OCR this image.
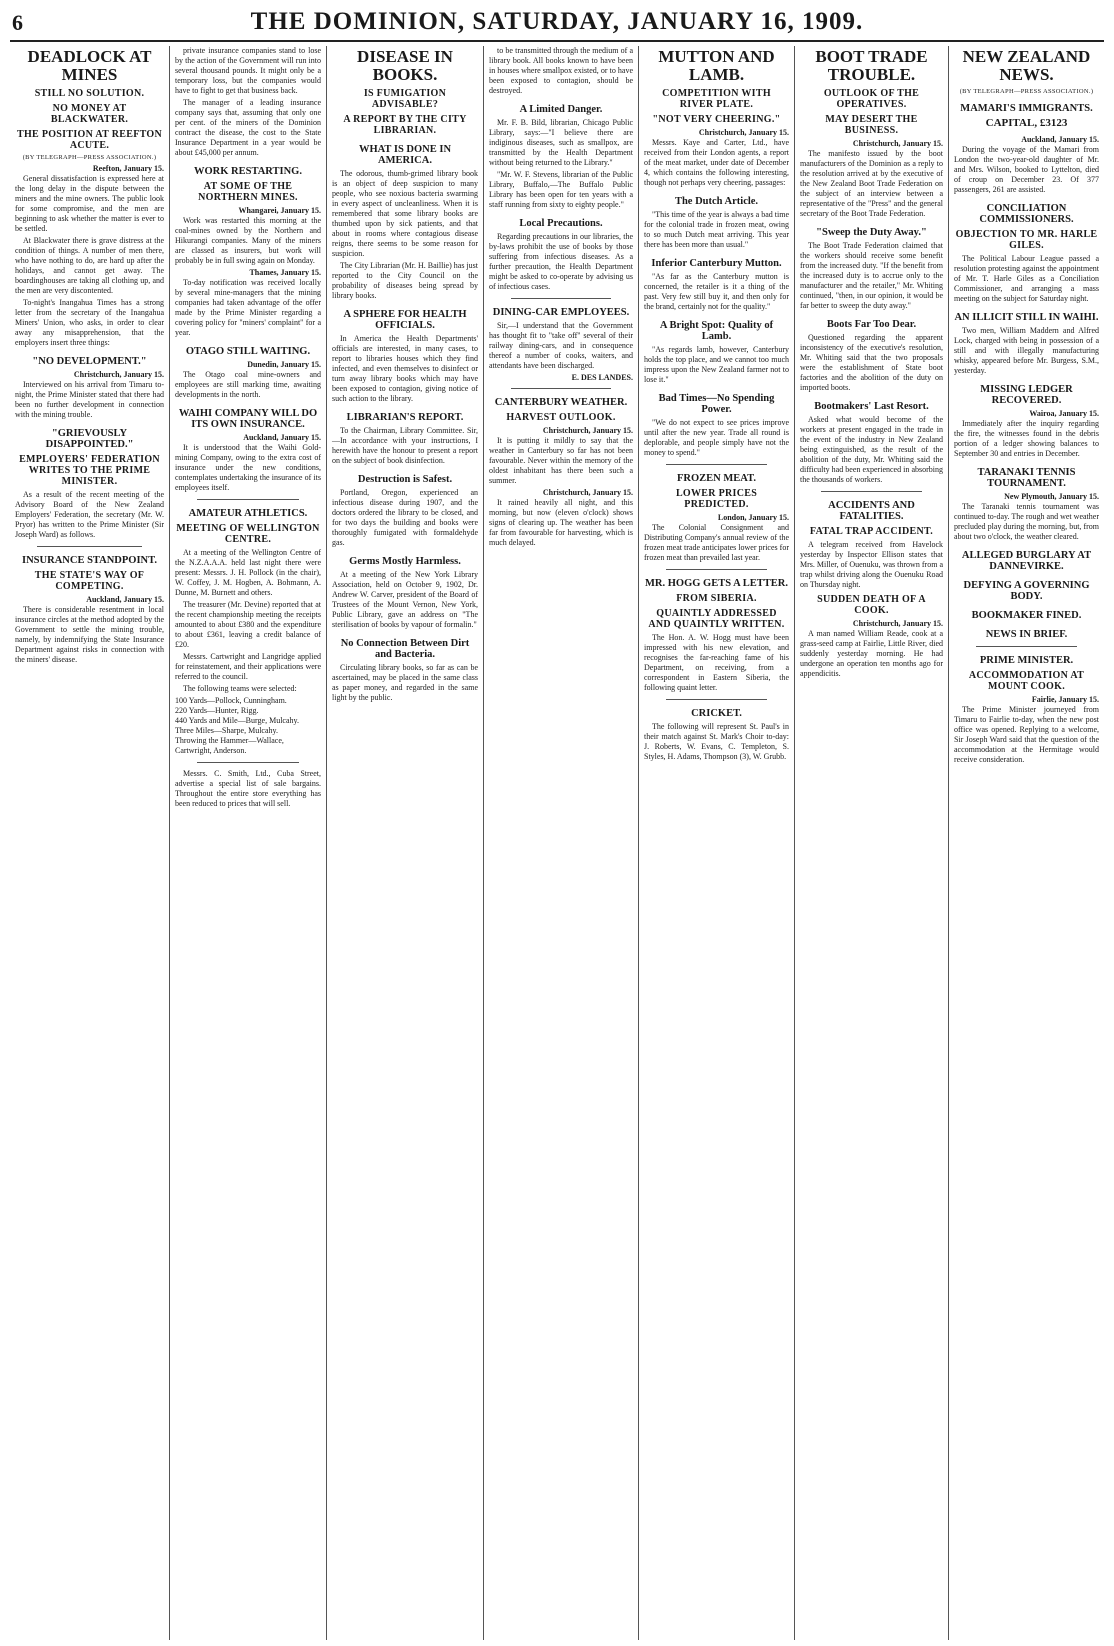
6	THE DOMINION, SATURDAY, JANUARY 16, 1909.
DEADLOCK AT MINES
STILL NO SOLUTION.
NO MONEY AT BLACKWATER.
THE POSITION AT REEFTON ACUTE.
(BY TELEGRAPH—PRESS ASSOCIATION.)
Reefton, January 15.

General dissatisfaction is expressed here at the long delay in the dispute between the miners and the mine owners. The public look for some compromise, and the men are beginning to ask whether the matter is ever to be settled.

At Blackwater there is grave distress at the condition of things. A number of men there, who have nothing to do, are hard up after the holidays, and cannot get away. The boardinghouses are taking all clothing up, and the men are very discontented.

To-night's Inangahua Times has a strong letter from the secretary of the Inangahua Miners' Union, who asks, in order to clear away any misapprehension, that the employers insert three things:

"NO DEVELOPMENT."
Christchurch, January 15.

Interviewed on his arrival from Timaru to-night, the Prime Minister stated that there had been no further development in connection with the mining trouble.

"GRIEVOUSLY DISAPPOINTED."
EMPLOYERS' FEDERATION WRITES TO THE PRIME MINISTER.

As a result of the recent meeting of the Advisory Board of the New Zealand Employers' Federation, the secretary (Mr. W. Pryor) has written to the Prime Minister (Sir Joseph Ward) as follows.

INSURANCE STANDPOINT.
THE STATE'S WAY OF COMPETING.
Auckland, January 15.

There is considerable resentment in local insurance circles at the method adopted by the Government to settle the mining trouble, namely, by indemnifying the State Insurance Department against risks in connection with the miners' disease.

private insurance companies stand to lose by the action of the Government will run into several thousand pounds. It might only be a temporary loss, but the companies would have to fight to get that business back.

The manager of a leading insurance company says that, assuming that only one per cent. of the miners of the Dominion contract the disease, the cost to the State Insurance Department in a year would be about £45,000 per annum.

WORK RESTARTING.
AT SOME OF THE NORTHERN MINES.
Whangarei, January 15.

Work was restarted this morning at the coal-mines owned by the Northern and Hikurangi companies. Many of the miners are classed as insurers, but work will probably be in full swing again on Monday.

Thames, January 15.

To-day notification was received locally by several mine-managers that the mining companies had taken advantage of the offer made by the Prime Minister regarding a covering policy for "miners' complaint" for a year.

OTAGO STILL WAITING.
Dunedin, January 15.

The Otago coal mine-owners and employees are still marking time, awaiting developments in the north.

WAIHI COMPANY WILL DO ITS OWN INSURANCE.
Auckland, January 15.

It is understood that the Waihi Gold-mining Company, owing to the extra cost of insurance under the new conditions, contemplates undertaking the insurance of its employees itself.

AMATEUR ATHLETICS.
MEETING OF WELLINGTON CENTRE.

At a meeting of the Wellington Centre of the N.Z.A.A.A. held last night there were present: Messrs. J. H. Pollock (in the chair), W. Coffey, J. M. Hogben, A. Bohmann, A. Dunne, M. Burnett and others.

The treasurer (Mr. Devine) reported that at the recent championship meeting the receipts amounted to about £380 and the expenditure to about £361, leaving a credit balance of £20.

Messrs. Cartwright and Langridge applied for reinstatement, and their applications were referred to the council.

The following teams were selected:

100 Yards—Pollock, Cunningham.
220 Yards—Hunter, Rigg.
440 Yards and Mile—Burge, Mulcahy.
Three Miles—Sharpe, Mulcahy.
Throwing the Hammer—Wallace, Cartwright, Anderson.

Messrs. C. Smith, Ltd., Cuba Street, advertise a special list of sale bargains. Throughout the entire store everything has been reduced to prices that will sell.

DISEASE IN BOOKS.
IS FUMIGATION ADVISABLE?
A REPORT BY THE CITY LIBRARIAN.
WHAT IS DONE IN AMERICA.

The odorous, thumb-grimed library book is an object of deep suspicion to many people, who see noxious bacteria swarming in every aspect of uncleanliness. When it is remembered that some library books are thumbed upon by sick patients, and that about in rooms where contagious disease reigns, there seems to be some reason for suspicion.

The City Librarian (Mr. H. Baillie) has just reported to the City Council on the probability of diseases being spread by library books.

A SPHERE FOR HEALTH OFFICIALS.

In America the Health Departments' officials are interested, in many cases, to report to libraries houses which they find infected, and even themselves to disinfect or turn away library books which may have been exposed to contagion, giving notice of such action to the library.

LIBRARIAN'S REPORT.

To the Chairman, Library Committee. Sir,—In accordance with your instructions, I herewith have the honour to present a report on the subject of book disinfection.

Destruction is Safest.

Portland, Oregon, experienced an infectious disease during 1907, and the doctors ordered the library to be closed, and for two days the building and books were thoroughly fumigated with formaldehyde gas.

Germs Mostly Harmless.

At a meeting of the New York Library Association, held on October 9, 1902, Dr. Andrew W. Carver, president of the Board of Trustees of the Mount Vernon, New York, Public Library, gave an address on "The sterilisation of books by vapour of formalin."

No Connection Between Dirt and Bacteria.

Circulating library books, so far as can be ascertained, may be placed in the same class as paper money, and regarded in the same light by the public.

to be transmitted through the medium of a library book. All books known to have been in houses where smallpox existed, or to have been exposed to contagion, should be destroyed.

A Limited Danger.

Mr. F. B. Bild, librarian, Chicago Public Library, says:—"I believe there are indiginous diseases, such as smallpox, are transmitted by the Health Department without being returned to the Library."

"Mr. W. F. Stevens, librarian of the Public Library, Buffalo,—The Buffalo Public Library has been open for ten years with a staff running from sixty to eighty people."

Local Precautions.

Regarding precautions in our libraries, the by-laws prohibit the use of books by those suffering from infectious diseases. As a further precaution, the Health Department might be asked to co-operate by advising us of infectious cases.

DINING-CAR EMPLOYEES.

Sir,—I understand that the Government has thought fit to "take off" several of their railway dining-cars, and in consequence thereof a number of cooks, waiters, and attendants have been discharged.

E. DES LANDES.
CANTERBURY WEATHER.
HARVEST OUTLOOK.
Christchurch, January 15.

It is putting it mildly to say that the weather in Canterbury so far has not been favourable. Never within the memory of the oldest inhabitant has there been such a summer.

Christchurch, January 15.

It rained heavily all night, and this morning, but now (eleven o'clock) shows signs of clearing up. The weather has been far from favourable for harvesting, which is much delayed.

MUTTON AND LAMB.
COMPETITION WITH RIVER PLATE.
"NOT VERY CHEERING."
Christchurch, January 15.

Messrs. Kaye and Carter, Ltd., have received from their London agents, a report of the meat market, under date of December 4, which contains the following interesting, though not perhaps very cheering, passages:

The Dutch Article.

"This time of the year is always a bad time for the colonial trade in frozen meat, owing to so much Dutch meat arriving. This year there has been more than usual."

Inferior Canterbury Mutton.

"As far as the Canterbury mutton is concerned, the retailer is it a thing of the past. Very few still buy it, and then only for the brand, certainly not for the quality."

A Bright Spot: Quality of Lamb.

"As regards lamb, however, Canterbury holds the top place, and we cannot too much impress upon the New Zealand farmer not to lose it."

Bad Times—No Spending Power.

"We do not expect to see prices improve until after the new year. Trade all round is deplorable, and people simply have not the money to spend."

FROZEN MEAT.
LOWER PRICES PREDICTED.
London, January 15.

The Colonial Consignment and Distributing Company's annual review of the frozen meat trade anticipates lower prices for frozen meat than prevailed last year.

MR. HOGG GETS A LETTER.
FROM SIBERIA.
QUAINTLY ADDRESSED AND QUAINTLY WRITTEN.

The Hon. A. W. Hogg must have been impressed with his new elevation, and recognises the far-reaching fame of his Department, on receiving, from a correspondent in Eastern Siberia, the following quaint letter.

CRICKET.

The following will represent St. Paul's in their match against St. Mark's Choir to-day: J. Roberts, W. Evans, C. Templeton, S. Styles, H. Adams, Thompson (3), W. Grubb.

BOOT TRADE TROUBLE.
OUTLOOK OF THE OPERATIVES.
MAY DESERT THE BUSINESS.
Christchurch, January 15.

The manifesto issued by the boot manufacturers of the Dominion as a reply to the resolution arrived at by the executive of the New Zealand Boot Trade Federation on the subject of an interview between a representative of the "Press" and the general secretary of the Boot Trade Federation.

"Sweep the Duty Away."

The Boot Trade Federation claimed that the workers should receive some benefit from the increased duty. "If the benefit from the increased duty is to accrue only to the manufacturer and the retailer," Mr. Whiting continued, "then, in our opinion, it would be far better to sweep the duty away."

Boots Far Too Dear.

Questioned regarding the apparent inconsistency of the executive's resolution, Mr. Whiting said that the two proposals were the establishment of State boot factories and the abolition of the duty on imported boots.

Bootmakers' Last Resort.

Asked what would become of the workers at present engaged in the trade in the event of the industry in New Zealand being extinguished, as the result of the abolition of the duty, Mr. Whiting said the difficulty had been experienced in absorbing the thousands of workers.

ACCIDENTS AND FATALITIES.
FATAL TRAP ACCIDENT.

A telegram received from Havelock yesterday by Inspector Ellison states that Mrs. Miller, of Ouenuku, was thrown from a trap whilst driving along the Ouenuku Road on Thursday night.

SUDDEN DEATH OF A COOK.
Christchurch, January 15.

A man named William Reade, cook at a grass-seed camp at Fairlie, Little River, died suddenly yesterday morning. He had undergone an operation ten months ago for appendicitis.

NEW ZEALAND NEWS.
(BY TELEGRAPH—PRESS ASSOCIATION.)
MAMARI'S IMMIGRANTS.
CAPITAL, £3123
Auckland, January 15.

During the voyage of the Mamari from London the two-year-old daughter of Mr. and Mrs. Wilson, booked to Lyttelton, died of croup on December 23. Of 377 passengers, 261 are assisted.

CONCILIATION COMMISSIONERS.
OBJECTION TO MR. HARLE GILES.

The Political Labour League passed a resolution protesting against the appointment of Mr. T. Harle Giles as a Conciliation Commissioner, and arranging a mass meeting on the subject for Saturday night.

AN ILLICIT STILL IN WAIHI.

Two men, William Maddern and Alfred Lock, charged with being in possession of a still and with illegally manufacturing whisky, appeared before Mr. Burgess, S.M., yesterday.

MISSING LEDGER RECOVERED.
Wairoa, January 15.

Immediately after the inquiry regarding the fire, the witnesses found in the debris portion of a ledger showing balances to September 30 and entries in December.

TARANAKI TENNIS TOURNAMENT.
New Plymouth, January 15.

The Taranaki tennis tournament was continued to-day. The rough and wet weather precluded play during the morning, but, from about two o'clock, the weather cleared.

ALLEGED BURGLARY AT DANNEVIRKE.
DEFYING A GOVERNING BODY.
BOOKMAKER FINED.
NEWS IN BRIEF.
PRIME MINISTER.
ACCOMMODATION AT MOUNT COOK.
Fairlie, January 15.

The Prime Minister journeyed from Timaru to Fairlie to-day, when the new post office was opened. Replying to a welcome, Sir Joseph Ward said that the question of the accommodation at the Hermitage would receive consideration.
